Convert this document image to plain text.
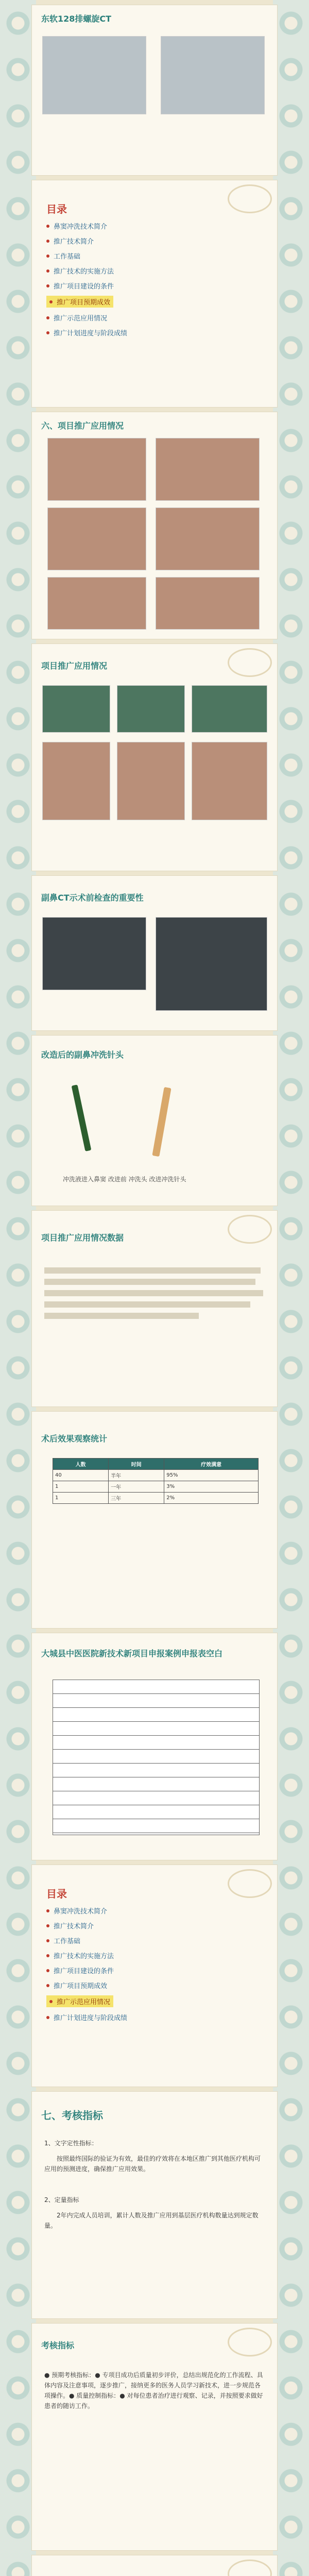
东软128排螺旋CT
目录
鼻窦冲洗技术简介
推广技术简介
工作基础
推广技术的实施方法
推广项目建设的条件
推广项目预期成效
推广示范应用情况
推广计划进度与阶段成绩
六、项目推广应用情况
项目推广应用情况
副鼻CT示术前检查的重要性
改造后的副鼻冲洗针头
冲洗液进入鼻窦 改进前 冲洗头 改进冲洗针头
项目推广应用情况数据
术后效果观察统计
人数	时间	疗效满意
40	半年	95%
1	一年	3%
1	三年	2%
大城县中医医院新技术新项目申报案例申报表空白
目录
鼻窦冲洗技术简介
推广技术简介
工作基础
推广技术的实施方法
推广项目建设的条件
推广项目预期成效
推广示范应用情况
推广计划进度与阶段成绩
七、考核指标
1、文字定性指标：
按照最终国际的验证为有效，最佳的疗效将在本地区推广到其他医疗机构可应用的预测进度，确保推广应用效果。
2、定量指标
2年内完成人员培训，累计人数及推广应用到基层医疗机构数量达到规定数量。
考核指标
● 预期考核指标：● 专项目成功后质量初步评价，总结出规范化的工作流程、具体内容及注意事项，逐步推广，接纳更多的医务人员学习新技术，进一步规范各项操作。● 质量控制指标：● 对每位患者治疗进行观察、记录，并按照要求做好患者的随访工作。
